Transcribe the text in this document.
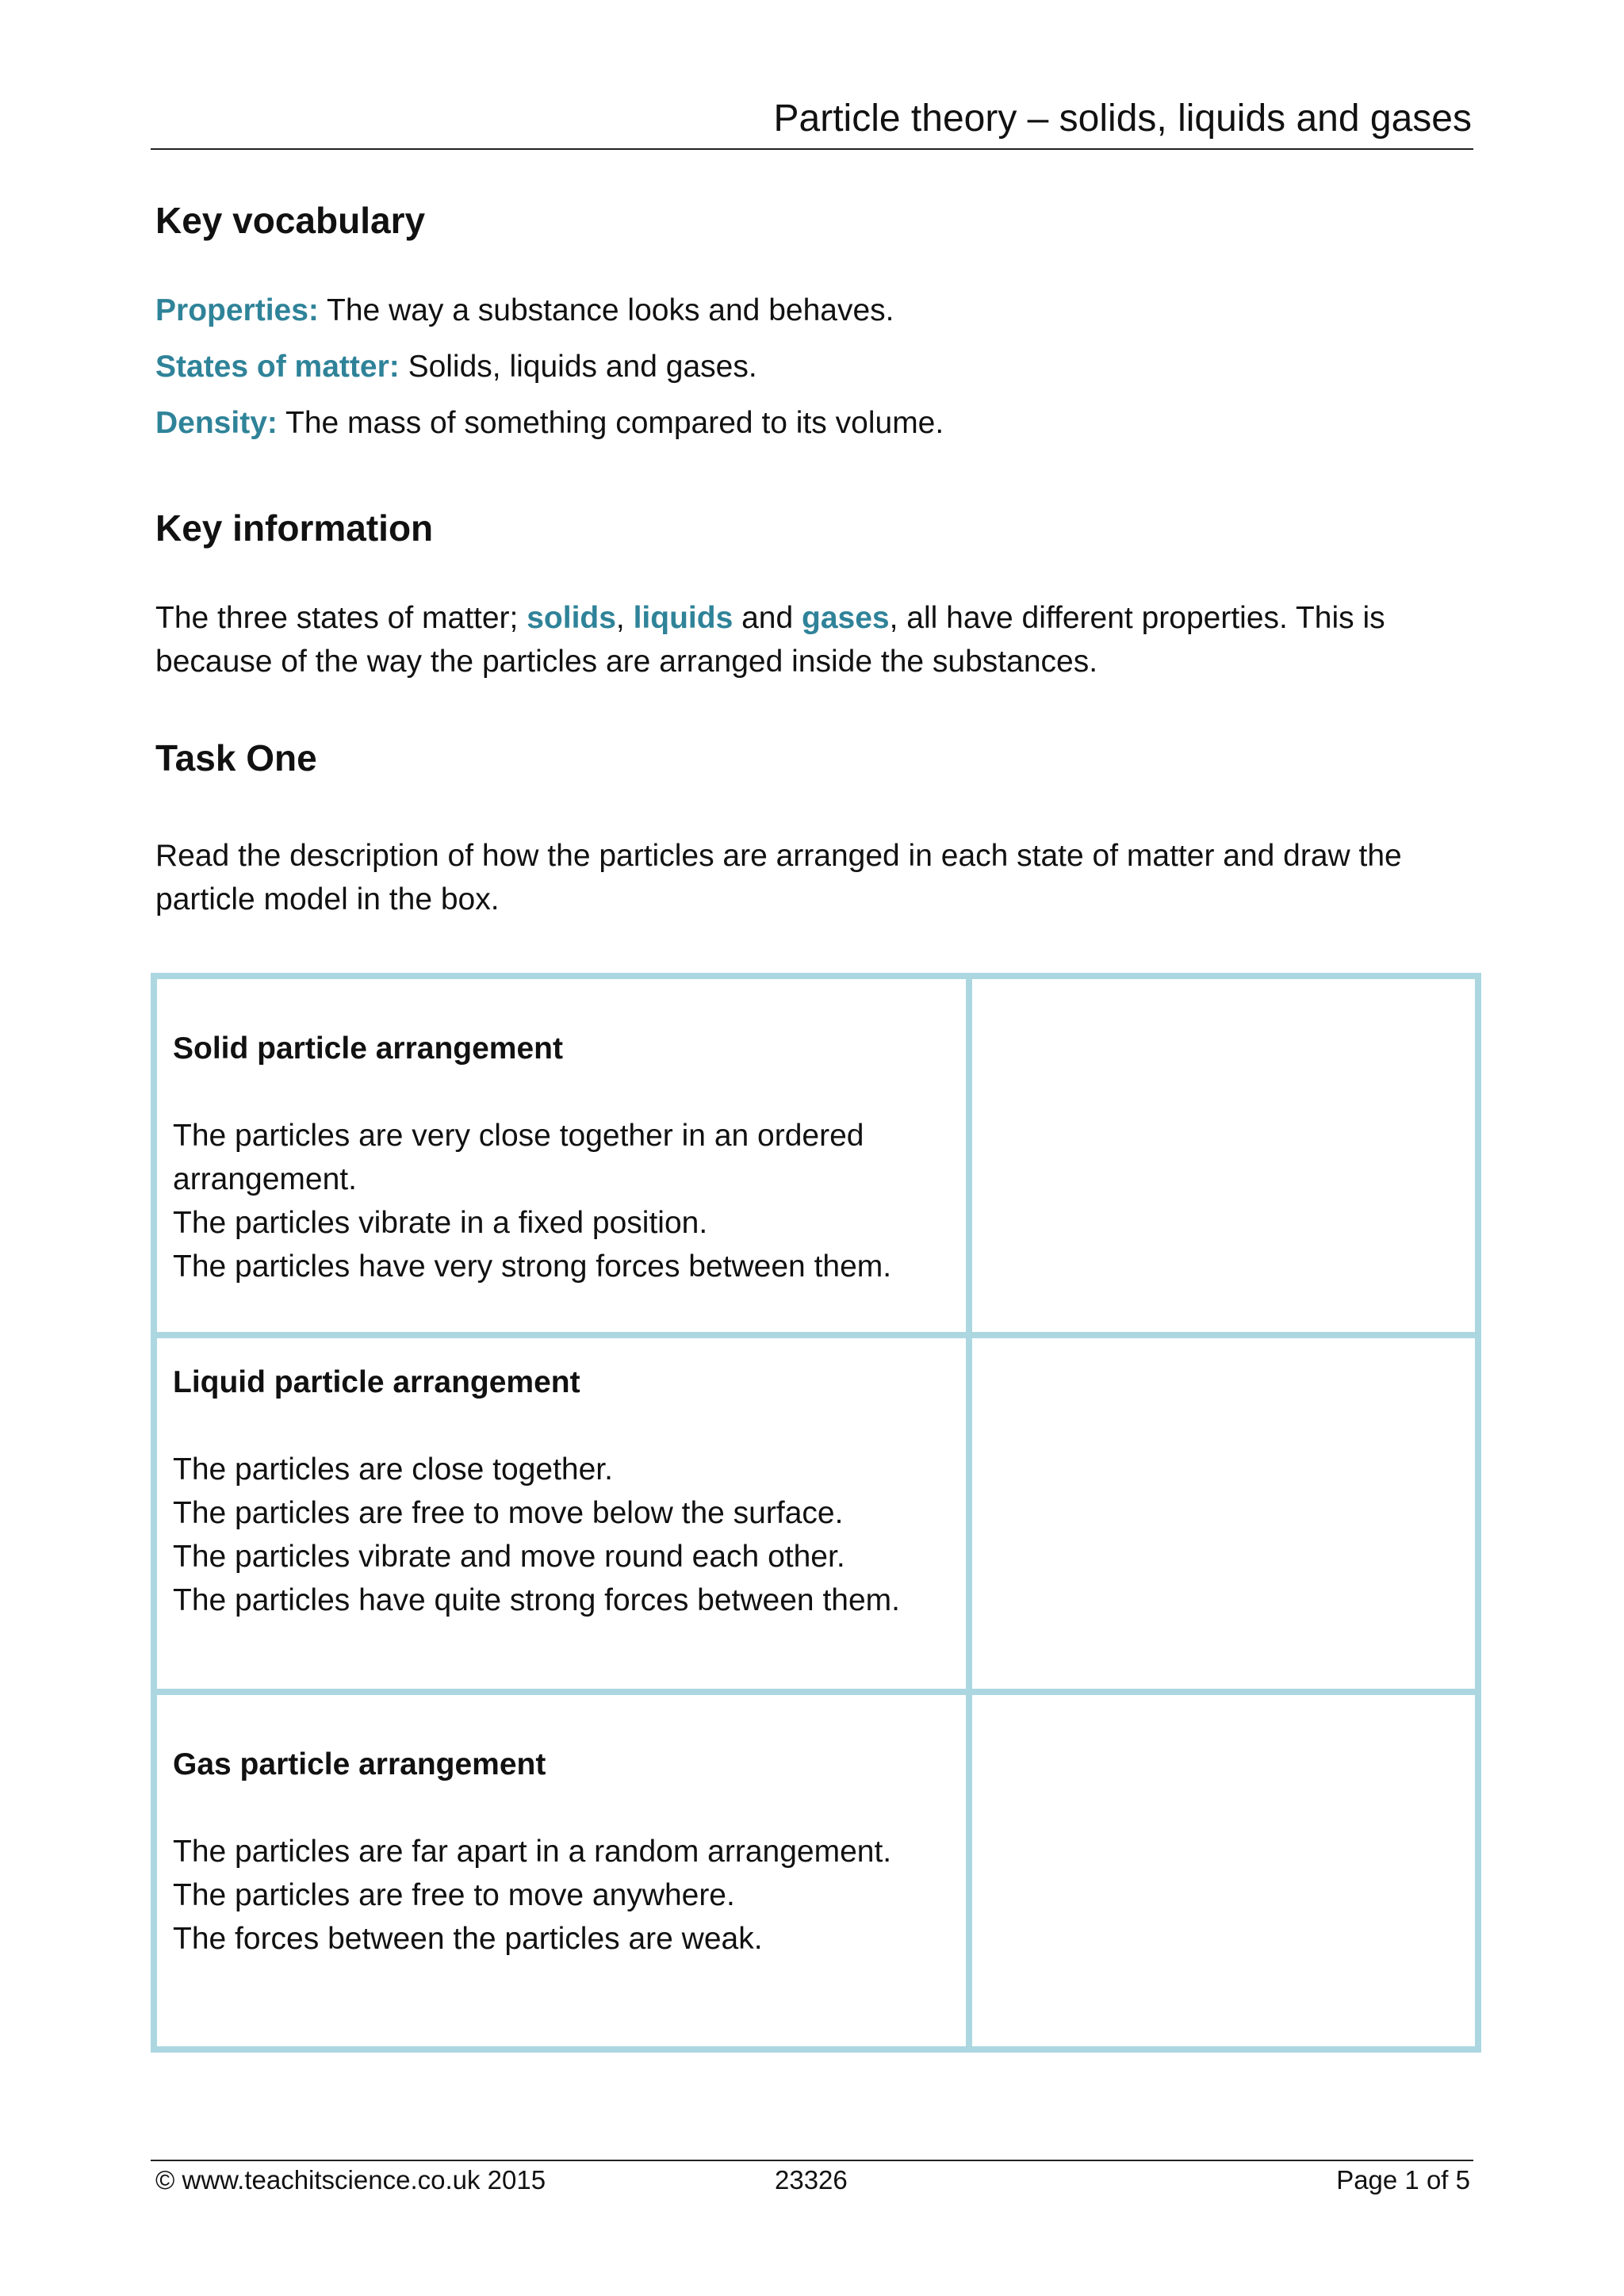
Particle theory – solids, liquids and gases
Key vocabulary
Properties: The way a substance looks and behaves.
States of matter: Solids, liquids and gases.
Density: The mass of something compared to its volume.
Key information
The three states of matter; solids, liquids and gases, all have different properties. This is because of the way the particles are arranged inside the substances.
Task One
Read the description of how the particles are arranged in each state of matter and draw the particle model in the box.
Solid particle arrangement
The particles are very close together in an ordered arrangement.
The particles vibrate in a fixed position.
The particles have very strong forces between them.	

Liquid particle arrangement
The particles are close together.
The particles are free to move below the surface.
The particles vibrate and move round each other.
The particles have quite strong forces between them.	

Gas particle arrangement
The particles are far apart in a random arrangement.
The particles are free to move anywhere.
The forces between the particles are weak.	

© www.teachitscience.co.uk 2015	23326	Page 1 of 5
